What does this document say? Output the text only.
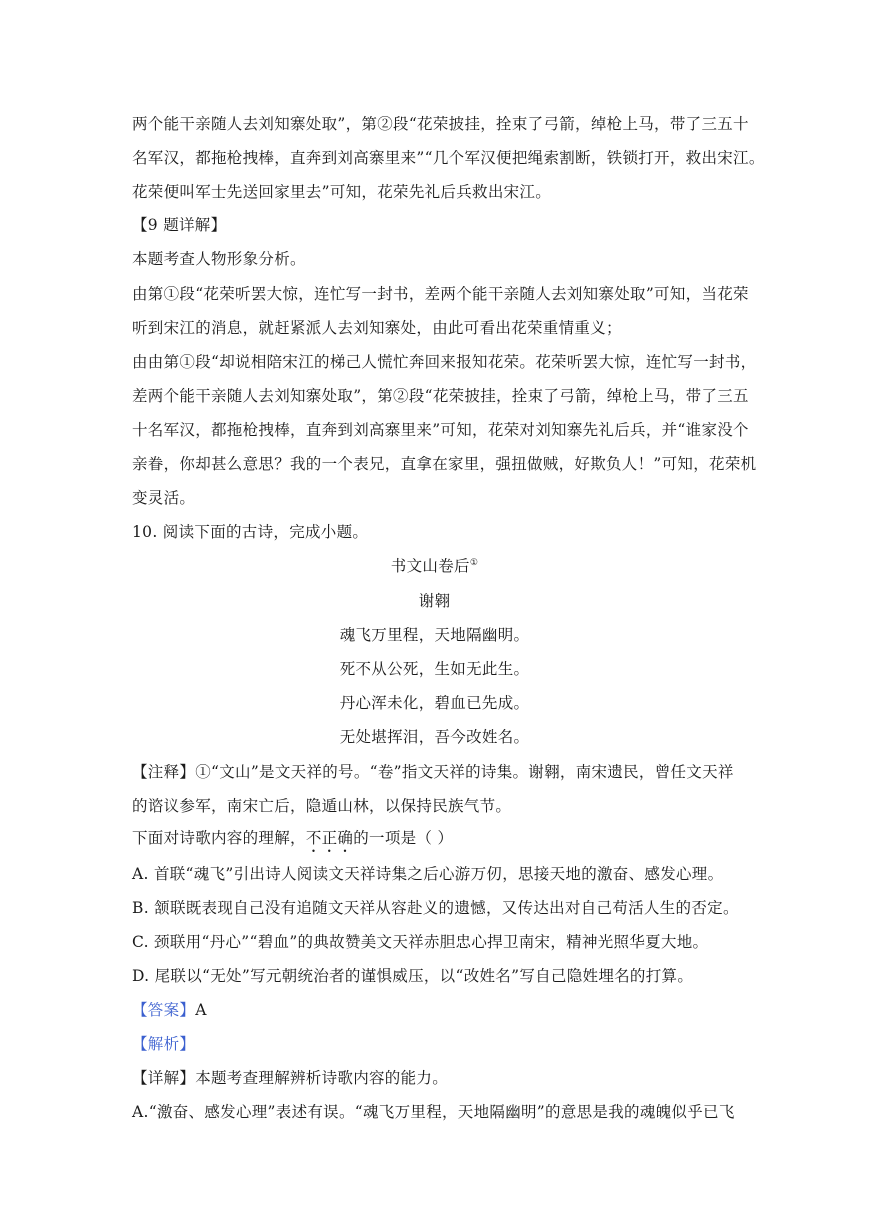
两个能干亲随人去刘知寨处取”，第②段“花荣披挂，拴束了弓箭，绰枪上马，带了三五十
名军汉，都拖枪拽棒，直奔到刘高寨里来”“几个军汉便把绳索割断，铁锁打开，救出宋江。
花荣便叫军士先送回家里去”可知，花荣先礼后兵救出宋江。
【9 题详解】
本题考查人物形象分析。
由第①段“花荣听罢大惊，连忙写一封书，差两个能干亲随人去刘知寨处取”可知，当花荣
听到宋江的消息，就赶紧派人去刘知寨处，由此可看出花荣重情重义；
由由第①段“却说相陪宋江的梯己人慌忙奔回来报知花荣。花荣听罢大惊，连忙写一封书，
差两个能干亲随人去刘知寨处取”，第②段“花荣披挂，拴束了弓箭，绰枪上马，带了三五
十名军汉，都拖枪拽棒，直奔到刘高寨里来”可知，花荣对刘知寨先礼后兵，并“谁家没个
亲眷，你却甚么意思？我的一个表兄，直拿在家里，强扭做贼，好欺负人！”可知，花荣机
变灵活。
10. 阅读下面的古诗，完成小题。
书文山卷后①
谢翱
魂飞万里程，天地隔幽明。
死不从公死，生如无此生。
丹心浑未化，碧血已先成。
无处堪挥泪，吾今改姓名。
【注释】①“文山”是文天祥的号。“卷”指文天祥的诗集。谢翱，南宋遗民，曾任文天祥
的谘议参军，南宋亡后，隐遁山林，以保持民族气节。
下面对诗歌内容的理解，不正确的一项是（ ）
A. 首联“魂飞”引出诗人阅读文天祥诗集之后心游万仞，思接天地的激奋、感发心理。
B. 颔联既表现自己没有追随文天祥从容赴义的遗憾，又传达出对自己苟活人生的否定。
C. 颈联用“丹心”“碧血”的典故赞美文天祥赤胆忠心捍卫南宋，精神光照华夏大地。
D. 尾联以“无处”写元朝统治者的谨惧威压，以“改姓名”写自己隐姓埋名的打算。
【答案】A
【解析】
【详解】本题考查理解辨析诗歌内容的能力。
A.“激奋、感发心理”表述有误。“魂飞万里程，天地隔幽明”的意思是我的魂魄似乎已飞
